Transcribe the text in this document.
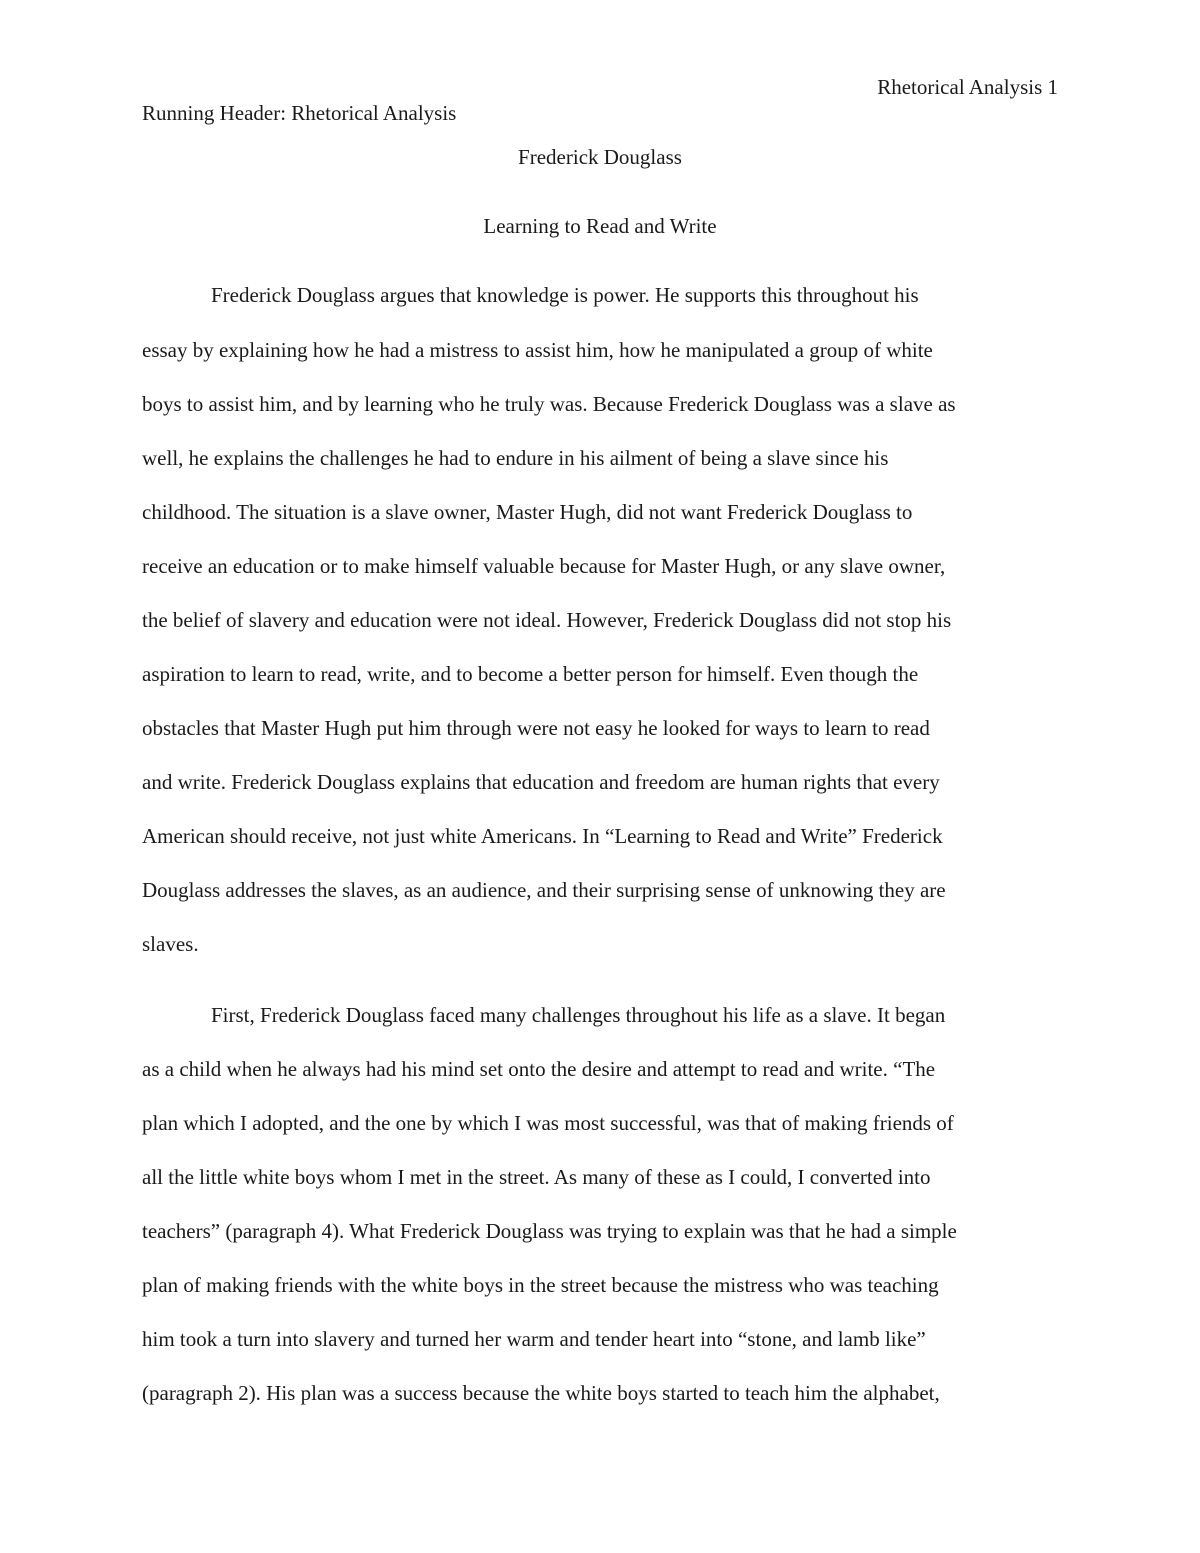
Rhetorical Analysis 1
Running Header: Rhetorical Analysis
Frederick Douglass
Learning to Read and Write
Frederick Douglass argues that knowledge is power. He supports this throughout his
essay by explaining how he had a mistress to assist him, how he manipulated a group of white
boys to assist him, and by learning who he truly was. Because Frederick Douglass was a slave as
well, he explains the challenges he had to endure in his ailment of being a slave since his
childhood. The situation is a slave owner, Master Hugh, did not want Frederick Douglass to
receive an education or to make himself valuable because for Master Hugh, or any slave owner,
the belief of slavery and education were not ideal. However, Frederick Douglass did not stop his
aspiration to learn to read, write, and to become a better person for himself. Even though the
obstacles that Master Hugh put him through were not easy he looked for ways to learn to read
and write. Frederick Douglass explains that education and freedom are human rights that every
American should receive, not just white Americans. In “Learning to Read and Write” Frederick
Douglass addresses the slaves, as an audience, and their surprising sense of unknowing they are
slaves.
First, Frederick Douglass faced many challenges throughout his life as a slave. It began
as a child when he always had his mind set onto the desire and attempt to read and write. “The
plan which I adopted, and the one by which I was most successful, was that of making friends of
all the little white boys whom I met in the street. As many of these as I could, I converted into
teachers” (paragraph 4). What Frederick Douglass was trying to explain was that he had a simple
plan of making friends with the white boys in the street because the mistress who was teaching
him took a turn into slavery and turned her warm and tender heart into “stone, and lamb like”
(paragraph 2). His plan was a success because the white boys started to teach him the alphabet,
